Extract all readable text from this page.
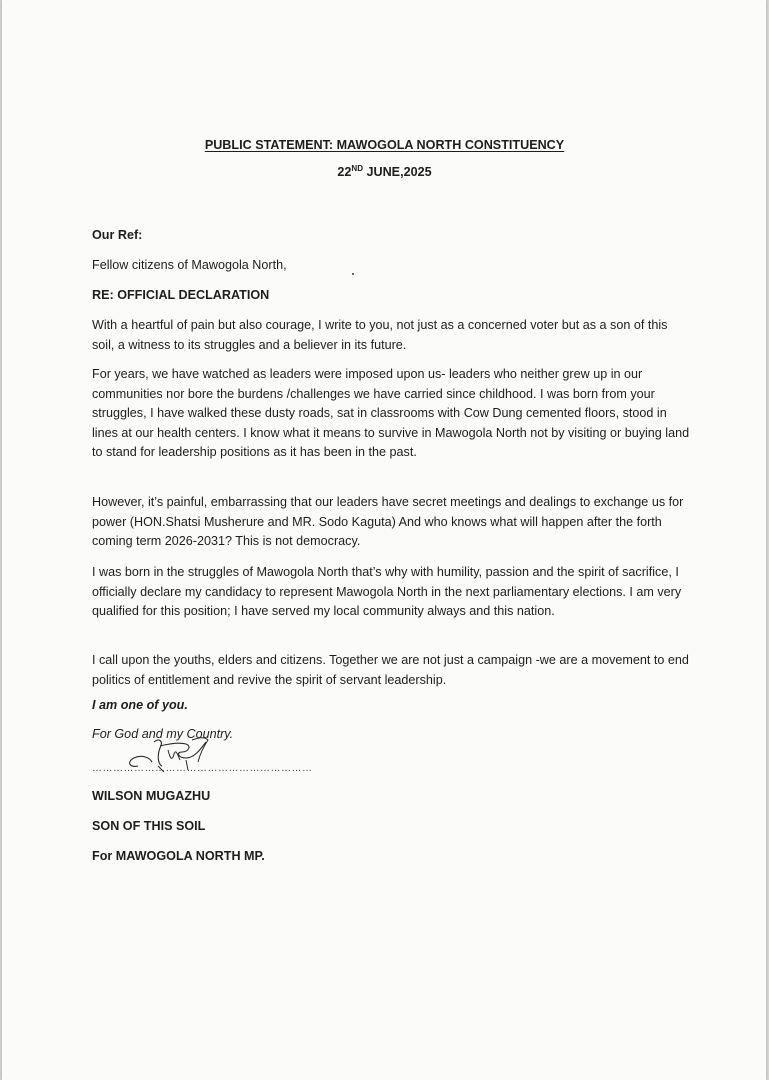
PUBLIC STATEMENT: MAWOGOLA NORTH CONSTITUENCY
22ND JUNE,2025
Our Ref:
Fellow citizens of Mawogola North,
RE: OFFICIAL DECLARATION
With a heartful of pain but also courage, I write to you, not just as a concerned voter but as a son of this soil, a witness to its struggles and a believer in its future.
For years, we have watched as leaders were imposed upon us- leaders who neither grew up in our communities nor bore the burdens /challenges we have carried since childhood. I was born from your struggles, I have walked these dusty roads, sat in classrooms with Cow Dung cemented floors, stood in lines at our health centers. I know what it means to survive in Mawogola North not by visiting or buying land to stand for leadership positions as it has been in the past.
However, it’s painful, embarrassing that our leaders have secret meetings and dealings to exchange us for power (HON.Shatsi Musherure and MR. Sodo Kaguta) And who knows what will happen after the forth coming term 2026-2031? This is not democracy.
I was born in the struggles of Mawogola North that’s why with humility, passion and the spirit of sacrifice, I officially declare my candidacy to represent Mawogola North in the next parliamentary elections. I am very qualified for this position; I have served my local community always and this nation.
I call upon the youths, elders and citizens. Together we are not just a campaign -we are a movement to end politics of entitlement and revive the spirit of servant leadership.
I am one of you.
For God and my Country.
………………………………………………………
WILSON MUGAZHU
SON OF THIS SOIL
For MAWOGOLA NORTH MP.
